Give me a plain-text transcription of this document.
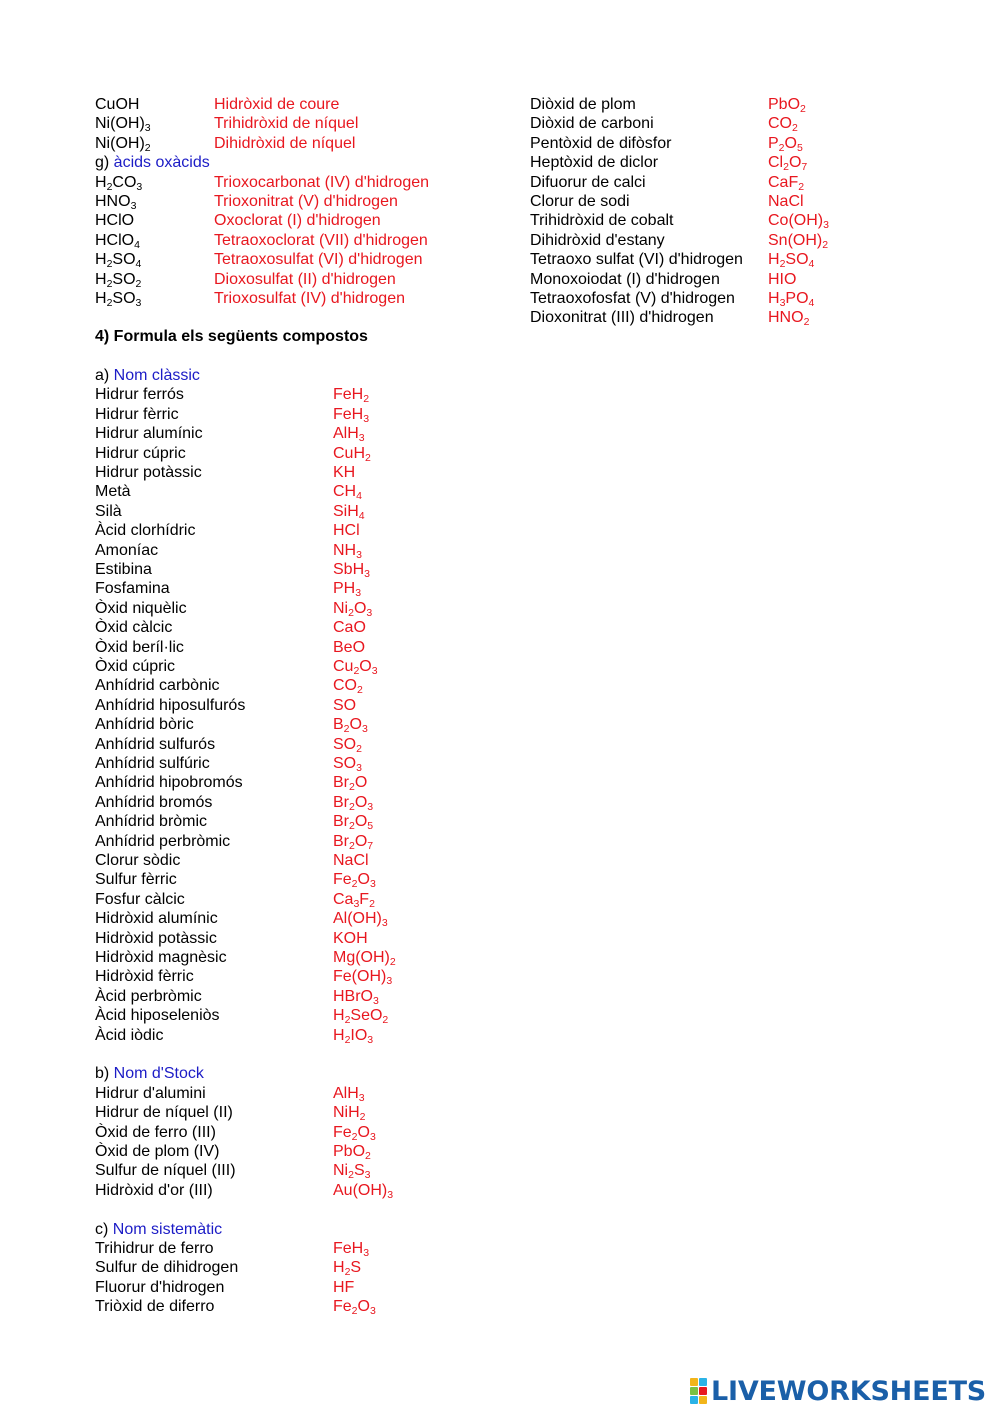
CuOH	Hidròxid de coure
$Ni(OH)_3$	Trihidròxid de níquel
$Ni(OH)_2$	Dihidròxid de níquel
g) àcids oxàcids
$H_2CO_3$	Trioxocarbonat (IV) d'hidrogen
$HNO_3$	Trioxonitrat (V) d'hidrogen
HClO	Oxoclorat (I) d'hidrogen
HClO$_4$	Tetraoxoclorat (VII) d'hidrogen
$H_2SO_4$	Tetraoxosulfat (VI) d'hidrogen
$H_2SO_2$	Dioxosulfat (II) d'hidrogen
$H_2SO_3$	Trioxosulfat (IV) d'hidrogen
Diòxid de plom	PbO$_2$
Diòxid de carboni	$CO_2$
Pentòxid de difòsfor	$P_2O_5$
Heptòxid de diclor	$Cl_2O_7$
Difuorur de calci	CaF$_2$
Clorur de sodi	NaCl
Trihidròxid de cobalt	$Co(OH)_3$
Dihidròxid d'estany	$Sn(OH)_2$
Tetraoxo sulfat (VI) d'hidrogen $H_2SO_4$
Monoxoiodat (I) d'hidrogen	HIO
Tetraoxofosfat (V) d'hidrogen $H_3PO_4$
Dioxonitrat (III) d'hidrogen	$HNO_2$
4) Formula els següents compostos
a) Nom clàssic
Hidrur ferrós	FeH$_2$
Hidrur fèrric	FeH$_3$
Hidrur alumínic	AlH$_3$
Hidrur cúpric	CuH$_2$
Hidrur potàssic	KH
Metà	$CH_4$
Silà	SiH$_4$
Àcid clorhídric	HCl
Amoníac	$NH_3$
Estibina	SbH$_3$
Fosfamina	$PH_3$
Òxid niquèlic	$Ni_2O_3$
Òxid càlcic	CaO
Òxid beríl·lic	BeO
Òxid cúpric	$Cu_2O_3$
Anhídrid carbònic	$CO_2$
Anhídrid hiposulfurós	SO
Anhídrid bòric	$B_2O_3$
Anhídrid sulfurós	$SO_2$
Anhídrid sulfúric	$SO_3$
Anhídrid hipobromós	$Br_2O$
Anhídrid bromós	$Br_2O_3$
Anhídrid bròmic	$Br_2O_5$
Anhídrid perbròmic	$Br_2O_7$
Clorur sòdic	NaCl
Sulfur fèrric	$Fe_2O_3$
Fosfur càlcic	$Ca_3F_2$
Hidròxid alumínic	$Al(OH)_3$
Hidròxid potàssic	KOH
Hidròxid magnèsic	$Mg(OH)_2$
Hidròxid fèrric	$Fe(OH)_3$
Àcid perbròmic	HBrO$_3$
Àcid hiposeleniòs	$H_2SeO_2$
Àcid iòdic	$H_2IO_3$
b) Nom d'Stock
Hidrur d'alumini	AlH$_3$
Hidrur de níquel (II)	NiH$_2$
Òxid de ferro (III)	$Fe_2O_3$
Òxid de plom (IV)	PbO$_2$
Sulfur de níquel (III)	$Ni_2S_3$
Hidròxid d'or (III)	$Au(OH)_3$
c) Nom sistemàtic
Trihidrur de ferro	FeH$_3$
Sulfur de dihidrogen	$H_2S$
Fluorur d'hidrogen	HF
Triòxid de diferro	$Fe_2O_3$
LIVEWORKSHEETS
